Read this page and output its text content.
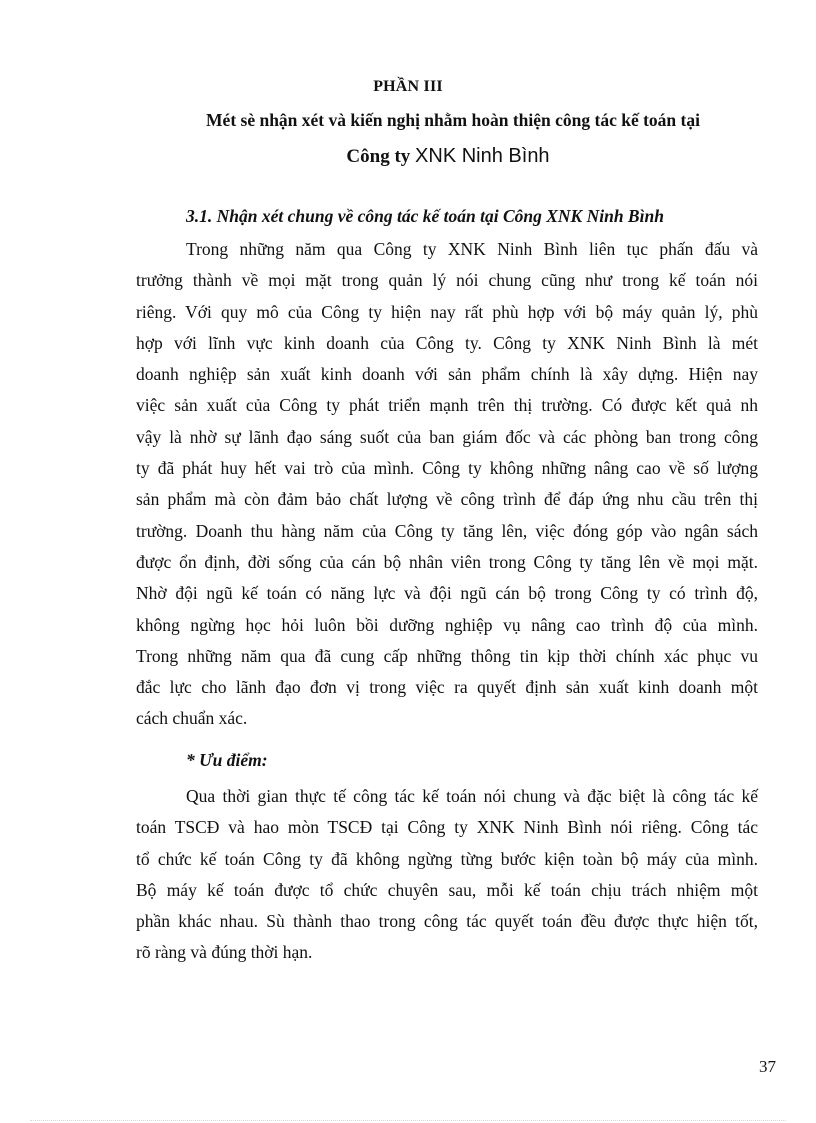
PHẦN III
Mét sè nhận xét và kiến nghị nhằm hoàn thiện công tác kế toán tại
Công ty XNK Ninh Bình
3.1. Nhận xét chung về công tác kế toán tại Công XNK Ninh Bình
Trong những năm qua Công ty XNK Ninh Bình liên tục phấn đấu và
trưởng thành về mọi mặt trong quản lý nói chung cũng như trong kế toán nói
riêng. Với quy mô của Công ty hiện nay rất phù hợp với bộ máy quản lý, phù
hợp với lĩnh vực kinh doanh của Công ty. Công ty XNK Ninh Bình là mét
doanh nghiệp sản xuất kinh doanh với sản phẩm chính là xây dựng. Hiện nay
việc sản xuất của Công ty phát triển mạnh trên thị trường. Có được kết quả nh
vậy là nhờ sự lãnh đạo sáng suốt của ban giám đốc và các phòng ban trong công
ty đã phát huy hết vai trò của mình. Công ty không những nâng cao về số lượng
sản phẩm mà còn đảm bảo chất lượng về công trình để đáp ứng nhu cầu trên thị
trường. Doanh thu hàng năm của Công ty tăng lên, việc đóng góp vào ngân sách
được ổn định, đời sống của cán bộ nhân viên trong Công ty tăng lên về mọi mặt.
Nhờ đội ngũ kế toán có năng lực và đội ngũ cán bộ trong Công ty có trình độ,
không ngừng học hỏi luôn bồi dưỡng nghiệp vụ nâng cao trình độ của mình.
Trong những năm qua đã cung cấp những thông tin kịp thời chính xác phục vu
đắc lực cho lãnh đạo đơn vị trong việc ra quyết định sản xuất kinh doanh một
cách chuẩn xác.
* Ưu điểm:
Qua thời gian thực tế công tác kế toán nói chung và đặc biệt là công tác kế
toán TSCĐ và hao mòn TSCĐ tại Công ty XNK Ninh Bình nói riêng. Công tác
tổ chức kế toán Công ty đã không ngừng từng bước kiện toàn bộ máy của mình.
Bộ máy kế toán được tổ chức chuyên sau, mỗi kế toán chịu trách nhiệm một
phần khác nhau. Sù thành thao trong công tác quyết toán đều được thực hiện tốt,
rõ ràng và đúng thời hạn.
37
